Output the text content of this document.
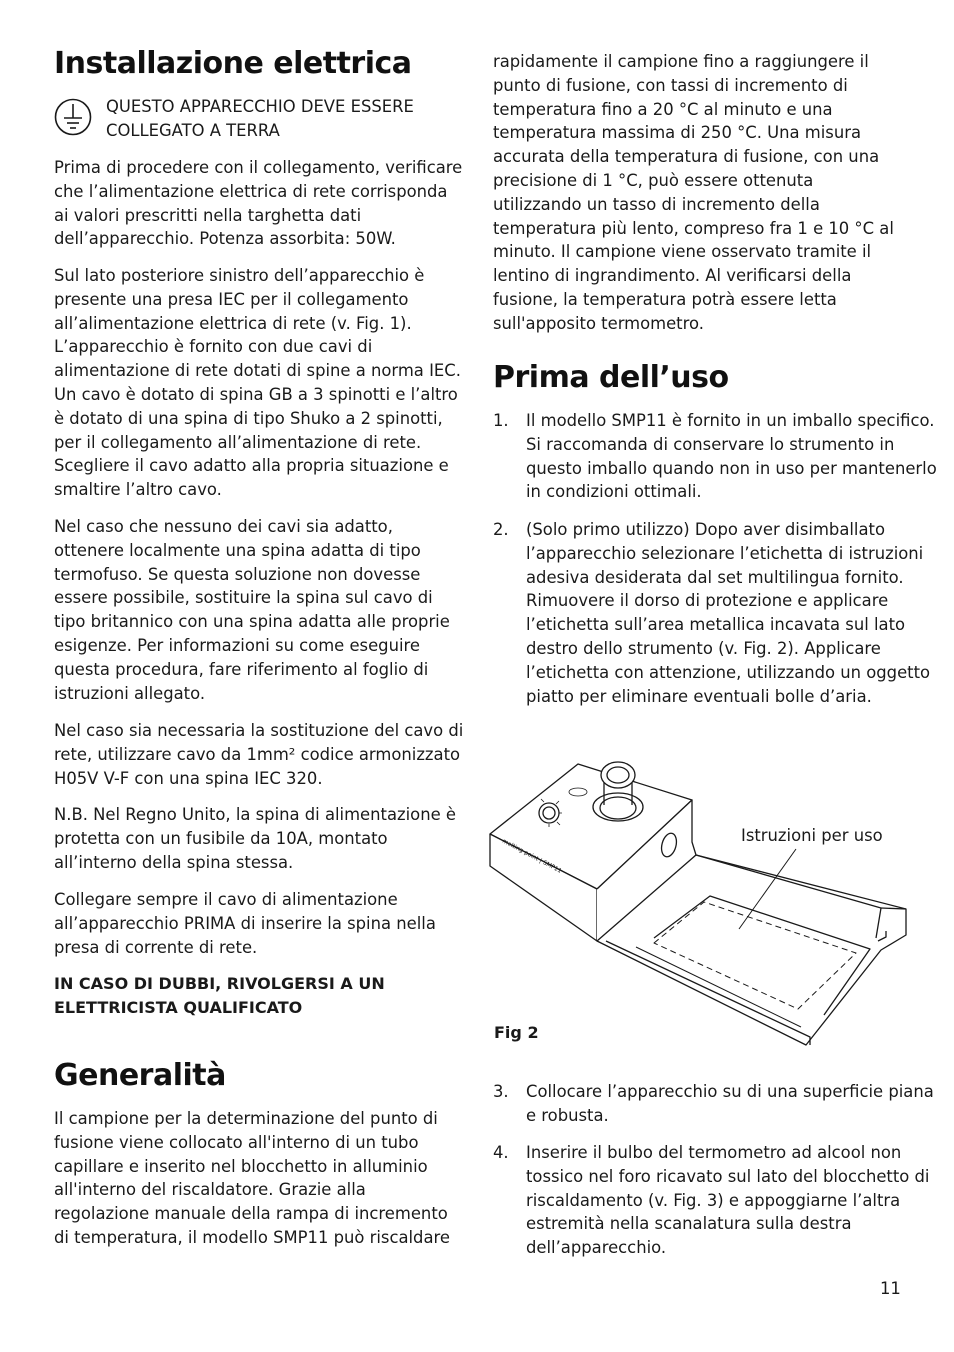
Installazione elettrica
QUESTO APPARECCHIO DEVE ESSERE
COLLEGATO A TERRA

Prima di procedere con il collegamento, verificare che l’alimentazione elettrica di rete corrisponda ai valori prescritti nella targhetta dati dell’apparecchio. Potenza assorbita: 50W.

Sul lato posteriore sinistro dell’apparecchio è presente una presa IEC per il collegamento all’alimentazione elettrica di rete (v. Fig. 1). L’apparecchio è fornito con due cavi di alimentazione di rete dotati di spine a norma IEC. Un cavo è dotato di spina GB a 3 spinotti e l’altro è dotato di una spina di tipo Shuko a 2 spinotti, per il collegamento all’alimentazione di rete. Scegliere il cavo adatto alla propria situazione e smaltire l’altro cavo.

Nel caso che nessuno dei cavi sia adatto, ottenere localmente una spina adatta di tipo termofuso. Se questa soluzione non dovesse essere possibile, sostituire la spina sul cavo di tipo britannico con una spina adatta alle proprie esigenze. Per informazioni su come eseguire questa procedura, fare riferimento al foglio di istruzioni allegato.

Nel caso sia necessaria la sostituzione del cavo di rete, utilizzare cavo da 1mm² codice armonizzato H05V V-F con una spina IEC 320.

N.B. Nel Regno Unito, la spina di alimentazione è protetta con un fusibile da 10A, montato all’interno della spina stessa.

Collegare sempre il cavo di alimentazione all’apparecchio PRIMA di inserire la spina nella presa di corrente di rete.

IN CASO DI DUBBI, RIVOLGERSI A UN ELETTRICISTA QUALIFICATO

Generalità

Il campione per la determinazione del punto di fusione viene collocato all'interno di un tubo capillare e inserito nel blocchetto in alluminio all'interno del riscaldatore. Grazie alla regolazione manuale della rampa di incremento di temperatura, il modello SMP11 può riscaldare

rapidamente il campione fino a raggiungere il punto di fusione, con tassi di incremento di temperatura fino a 20 °C al minuto e una temperatura massima di 250 °C. Una misura accurata della temperatura di fusione, con una precisione di 1 °C, può essere ottenuta utilizzando un tasso di incremento della temperatura più lento, compreso fra 1 e 10 °C al minuto. Il campione viene osservato tramite il lentino di ingrandimento. Al verificarsi della fusione, la temperatura potrà essere letta sull'apposito termometro.

Prima dell’uso
1. Il modello SMP11 è fornito in un imballo specifico. Si raccomanda di conservare lo strumento in questo imballo quando non in uso per mantenerlo in condizioni ottimali.

2. (Solo primo utilizzo) Dopo aver disimballato l’apparecchio selezionare l’etichetta di istruzioni adesiva desiderata dal set multilingua fornito. Rimuovere il dorso di protezione e applicare l’etichetta sull’area metallica incavata sul lato destro dello strumento (v. Fig. 2). Applicare l’etichetta con attenzione, utilizzando un oggetto piatto per eliminare eventuali bolle d’aria.

3. Collocare l’apparecchio su di una superficie piana e robusta.

4. Inserire il bulbo del termometro ad alcool non tossico nel foro ricavato sul lato del blocchetto di riscaldamento (v. Fig. 3) e appoggiarne l’altra estremità nella scanalatura sulla destra dell’apparecchio.

melting point | SMP11
Istruzioni per uso
Fig 2
11
